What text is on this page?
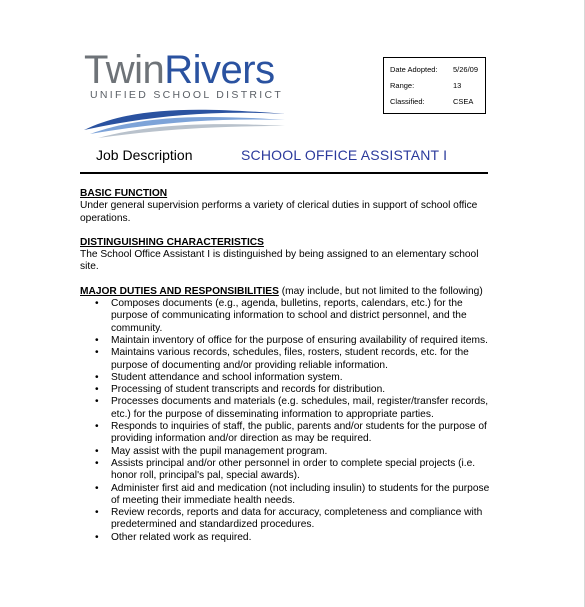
TwinRivers
UNIFIED SCHOOL DISTRICT
Date Adopted:	5/26/09
Range:	13
Classified:	CSEA
Job Description	SCHOOL OFFICE ASSISTANT I
BASIC FUNCTION
Under general supervision performs a variety of clerical duties in support of school office operations.
DISTINGUISHING CHARACTERISTICS
The School Office Assistant I is distinguished by being assigned to an elementary school site.
MAJOR DUTIES AND RESPONSIBILITIES (may include, but not limited to the following)
• Composes documents (e.g., agenda, bulletins, reports, calendars, etc.) for the purpose of communicating information to school and district personnel, and the community.
• Maintain inventory of office for the purpose of ensuring availability of required items.
• Maintains various records, schedules, files, rosters, student records, etc. for the purpose of documenting and/or providing reliable information.
• Student attendance and school information system.
• Processing of student transcripts and records for distribution.
• Processes documents and materials (e.g. schedules, mail, register/transfer records, etc.) for the purpose of disseminating information to appropriate parties.
• Responds to inquiries of staff, the public, parents and/or students for the purpose of providing information and/or direction as may be required.
• May assist with the pupil management program.
• Assists principal and/or other personnel in order to complete special projects (i.e. honor roll, principal's pal, special awards).
• Administer first aid and medication (not including insulin) to students for the purpose of meeting their immediate health needs.
• Review records, reports and data for accuracy, completeness and compliance with predetermined and standardized procedures.
• Other related work as required.
